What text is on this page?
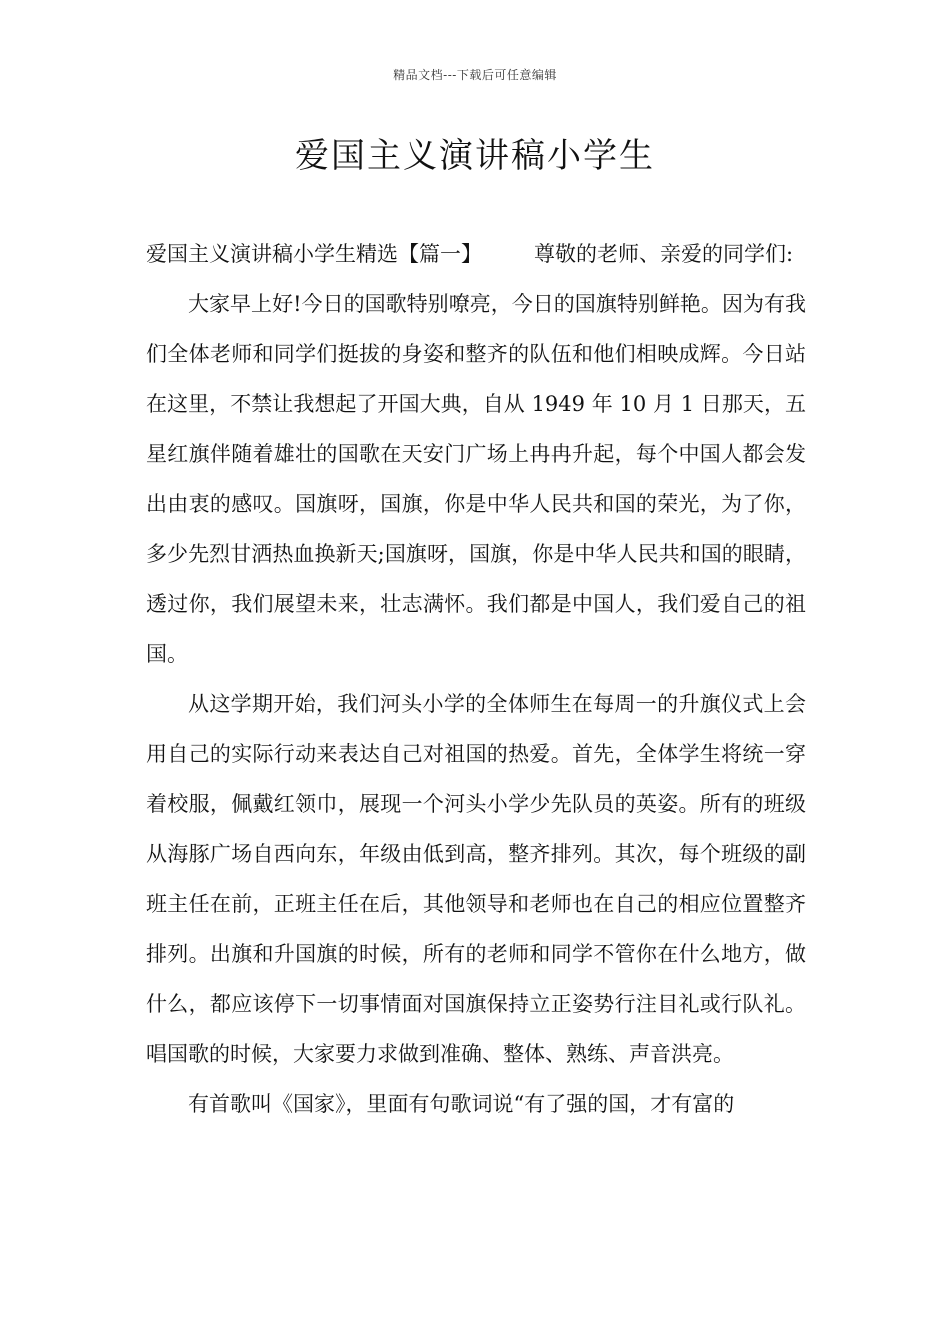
精品文档---下载后可任意编辑
爱国主义演讲稿小学生

爱国主义演讲稿小学生精选【篇一】 尊敬的老师、亲爱的同学们:

大家早上好!今日的国歌特别嘹亮，今日的国旗特别鲜艳。因为有我们全体老师和同学们挺拔的身姿和整齐的队伍和他们相映成辉。今日站在这里，不禁让我想起了开国大典，自从 1949 年 10 月 1 日那天，五星红旗伴随着雄壮的国歌在天安门广场上冉冉升起，每个中国人都会发出由衷的感叹。国旗呀，国旗，你是中华人民共和国的荣光，为了你，多少先烈甘洒热血换新天;国旗呀，国旗，你是中华人民共和国的眼睛，透过你，我们展望未来，壮志满怀。我们都是中国人，我们爱自己的祖国。

从这学期开始，我们河头小学的全体师生在每周一的升旗仪式上会用自己的实际行动来表达自己对祖国的热爱。首先，全体学生将统一穿着校服，佩戴红领巾，展现一个河头小学少先队员的英姿。所有的班级从海豚广场自西向东，年级由低到高，整齐排列。其次，每个班级的副班主任在前，正班主任在后，其他领导和老师也在自己的相应位置整齐排列。出旗和升国旗的时候，所有的老师和同学不管你在什么地方，做什么，都应该停下一切事情面对国旗保持立正姿势行注目礼或行队礼。唱国歌的时候，大家要力求做到准确、整体、熟练、声音洪亮。

有首歌叫《国家》，里面有句歌词说“有了强的国，才有富的
